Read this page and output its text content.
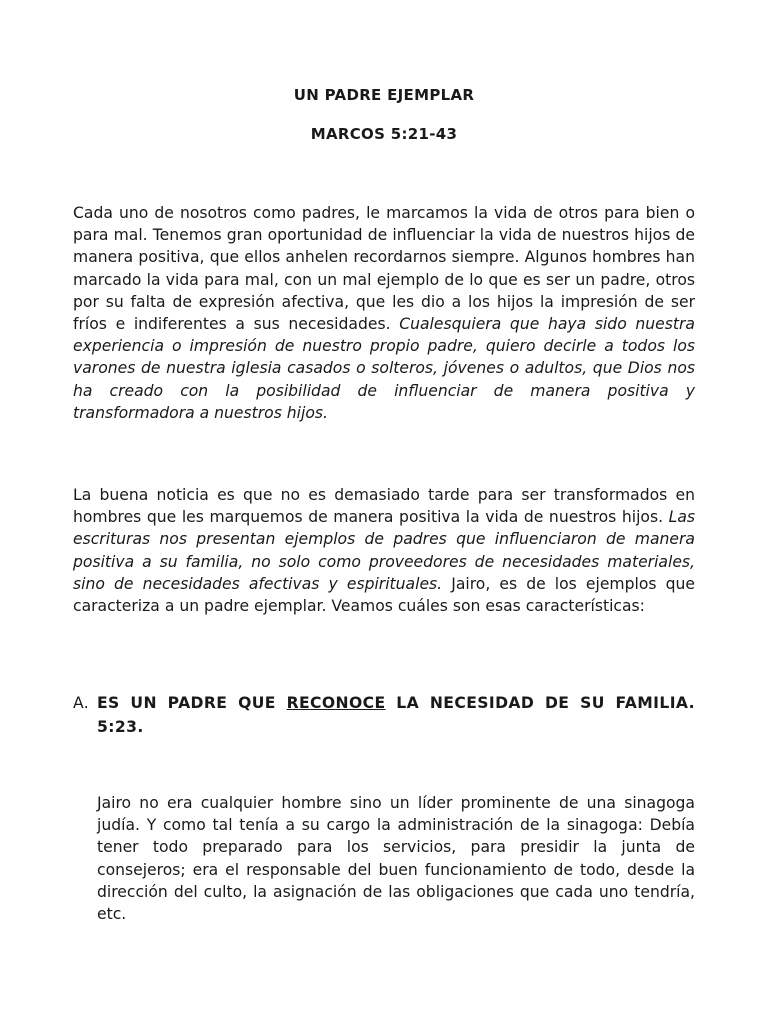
UN PADRE EJEMPLAR
MARCOS 5:21-43

Cada uno de nosotros como padres, le marcamos la vida de otros para bien o para mal. Tenemos gran oportunidad de influenciar la vida de nuestros hijos de manera positiva, que ellos anhelen recordarnos siempre. Algunos hombres han marcado la vida para mal, con un mal ejemplo de lo que es ser un padre, otros por su falta de expresión afectiva, que les dio a los hijos la impresión de ser fríos e indiferentes a sus necesidades. Cualesquiera que haya sido nuestra experiencia o impresión de nuestro propio padre, quiero decirle a todos los varones de nuestra iglesia casados o solteros, jóvenes o adultos, que Dios nos ha creado con la posibilidad de influenciar de manera positiva y transformadora a nuestros hijos.

La buena noticia es que no es demasiado tarde para ser transformados en hombres que les marquemos de manera positiva la vida de nuestros hijos. Las escrituras nos presentan ejemplos de padres que influenciaron de manera positiva a su familia, no solo como proveedores de necesidades materiales, sino de necesidades afectivas y espirituales. Jairo, es de los ejemplos que caracteriza a un padre ejemplar. Veamos cuáles son esas características:

A. ES UN PADRE QUE RECONOCE LA NECESIDAD DE SU FAMILIA. 5:23.

Jairo no era cualquier hombre sino un líder prominente de una sinagoga judía. Y como tal tenía a su cargo la administración de la sinagoga: Debía tener todo preparado para los servicios, para presidir la junta de consejeros; era el responsable del buen funcionamiento de todo, desde la dirección del culto, la asignación de las obligaciones que cada uno tendría, etc.
